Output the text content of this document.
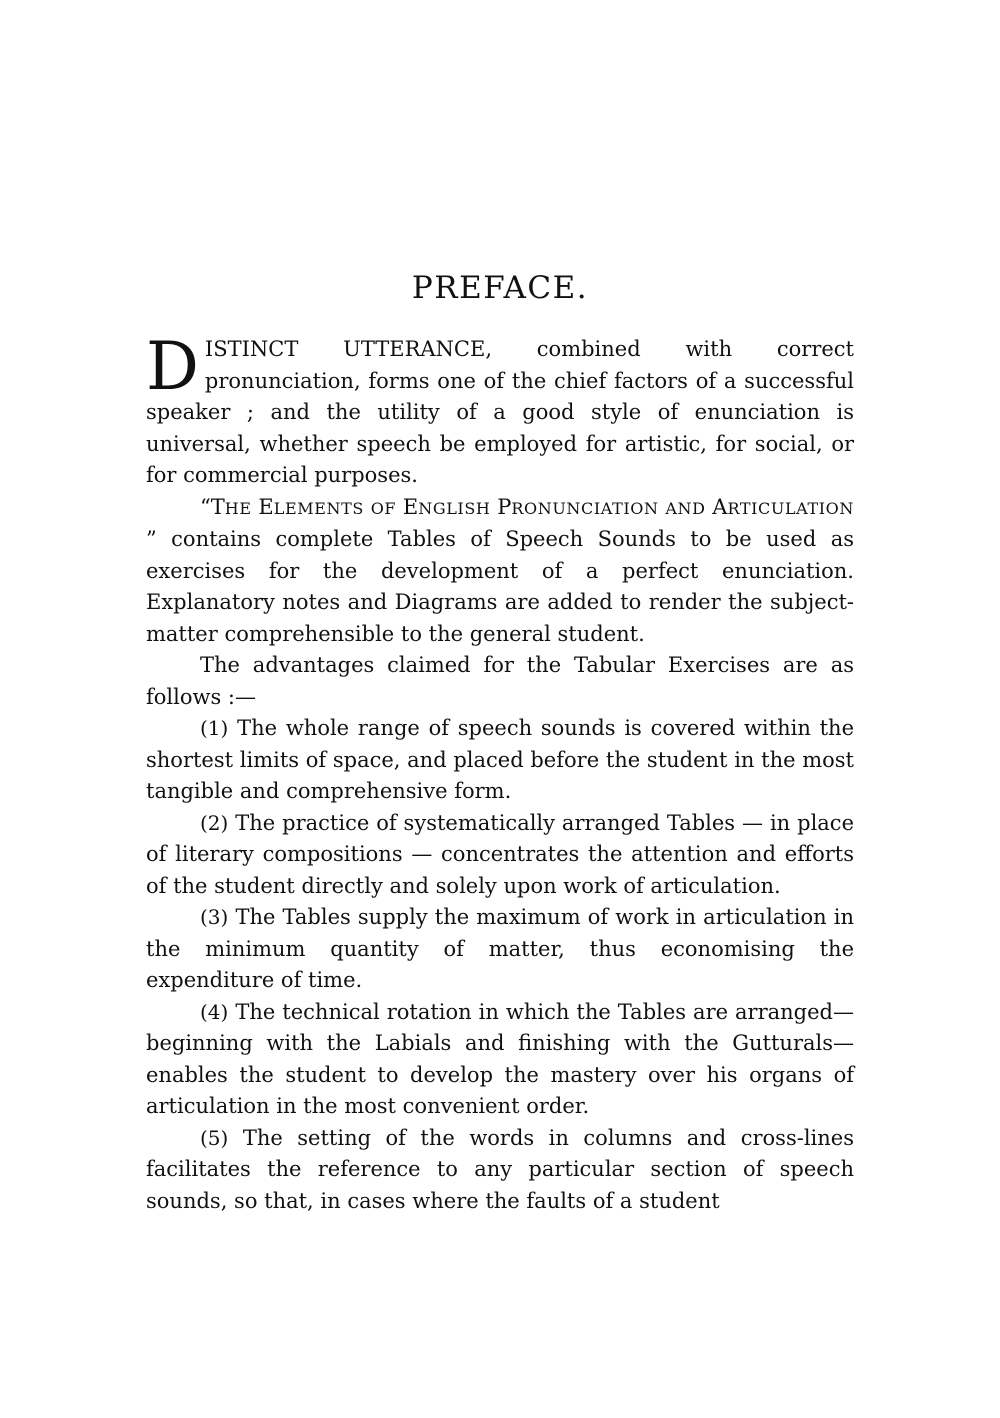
PREFACE.

DISTINCT UTTERANCE, combined with correct pronunciation, forms one of the chief factors of a successful speaker ; and the utility of a good style of enunciation is universal, whether speech be employed for artistic, for social, or for commercial purposes.

“THE ELEMENTS OF ENGLISH PRONUNCIATION AND ARTICULATION ” contains complete Tables of Speech Sounds to be used as exercises for the development of a perfect enunciation. Explanatory notes and Diagrams are added to render the subject-matter comprehensible to the general student.

The advantages claimed for the Tabular Exercises are as follows :—

(1) The whole range of speech sounds is covered within the shortest limits of space, and placed before the student in the most tangible and comprehensive form.

(2) The practice of systematically arranged Tables — in place of literary compositions — concentrates the attention and efforts of the student directly and solely upon work of articulation.

(3) The Tables supply the maximum of work in articulation in the minimum quantity of matter, thus economising the expenditure of time.

(4) The technical rotation in which the Tables are arranged—beginning with the Labials and finishing with the Gutturals—enables the student to develop the mastery over his organs of articulation in the most convenient order.

(5) The setting of the words in columns and cross-lines facilitates the reference to any particular section of speech sounds, so that, in cases where the faults of a student
